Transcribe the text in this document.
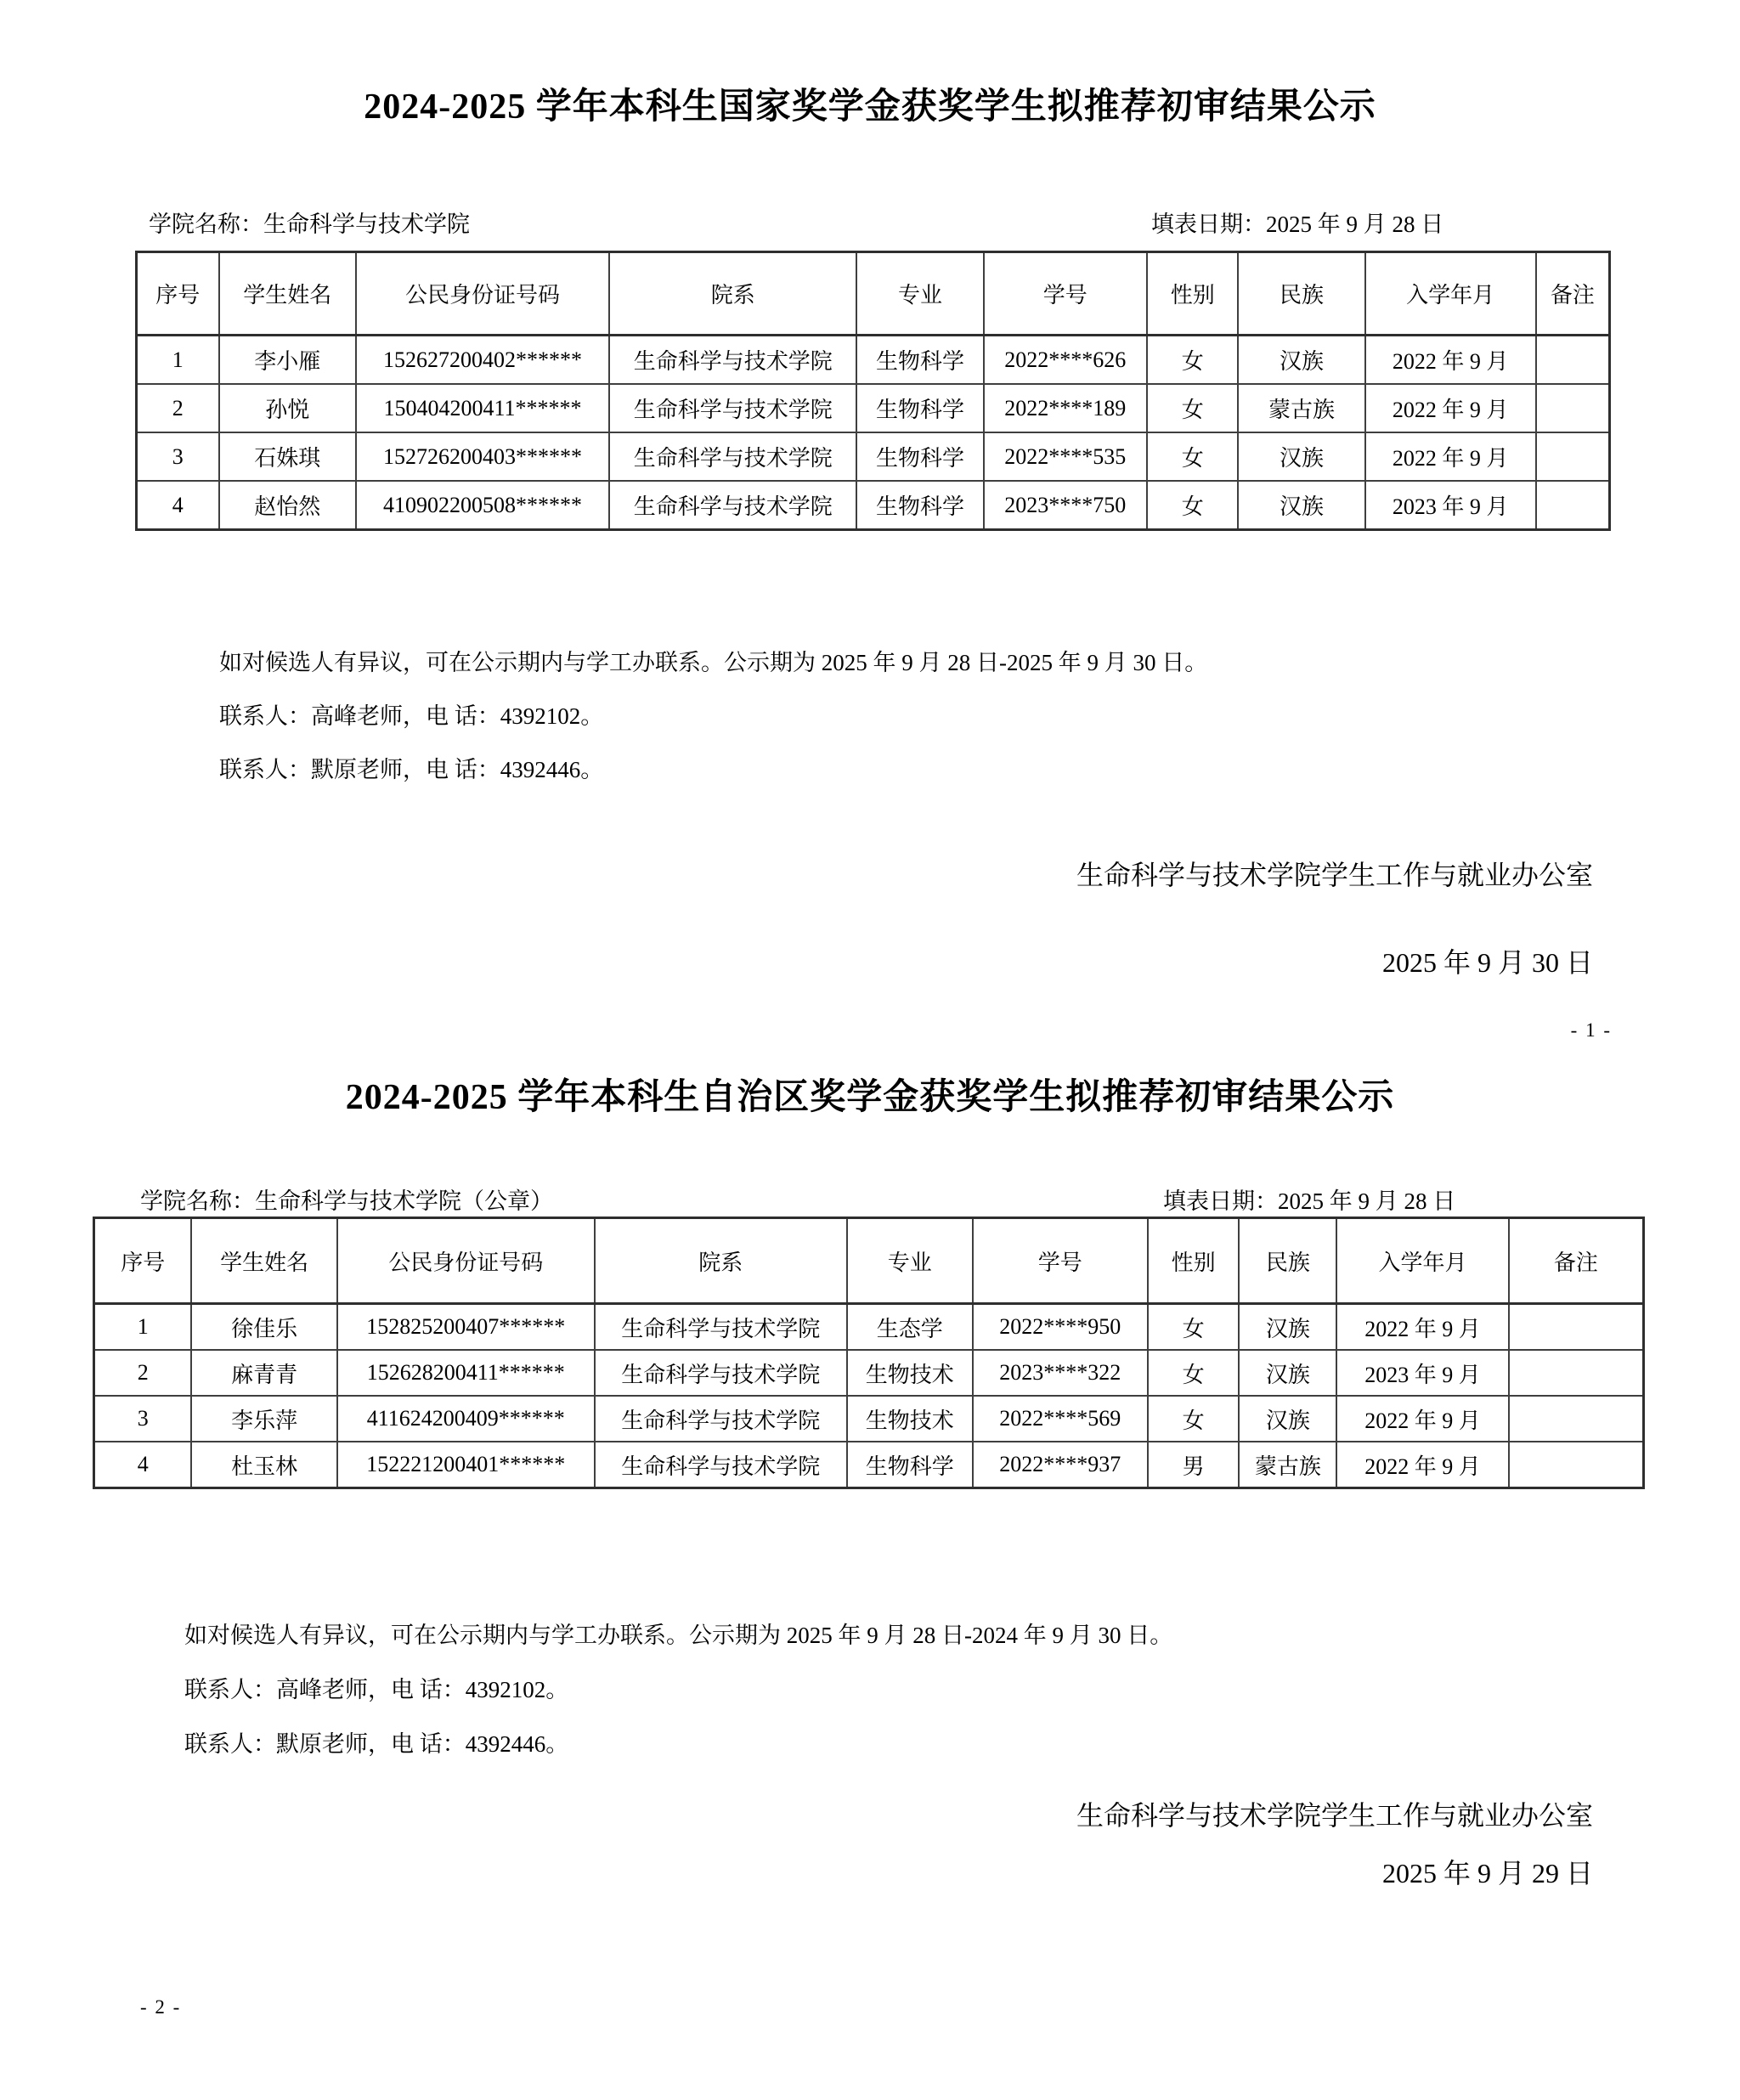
2024-2025 学年本科生国家奖学金获奖学生拟推荐初审结果公示
学院名称：生命科学与技术学院	填表日期：2025 年 9 月 28 日
序号	学生姓名	公民身份证号码	院系	专业	学号	性别	民族	入学年月	备注
1	李小雁	152627200402******	生命科学与技术学院	生物科学	2022****626	女	汉族	2022 年 9 月	
2	孙悦	150404200411******	生命科学与技术学院	生物科学	2022****189	女	蒙古族	2022 年 9 月	
3	石姝琪	152726200403******	生命科学与技术学院	生物科学	2022****535	女	汉族	2022 年 9 月	
4	赵怡然	410902200508******	生命科学与技术学院	生物科学	2023****750	女	汉族	2023 年 9 月	
如对候选人有异议，可在公示期内与学工办联系。公示期为 2025 年 9 月 28 日-2025 年 9 月 30 日。
联系人：高峰老师，电 话：4392102。
联系人：默原老师，电 话：4392446。
生命科学与技术学院学生工作与就业办公室
2025 年 9 月 30 日
- 1 -
2024-2025 学年本科生自治区奖学金获奖学生拟推荐初审结果公示
学院名称：生命科学与技术学院（公章）	填表日期：2025 年 9 月 28 日
序号	学生姓名	公民身份证号码	院系	专业	学号	性别	民族	入学年月	备注
1	徐佳乐	152825200407******	生命科学与技术学院	生态学	2022****950	女	汉族	2022 年 9 月	
2	麻青青	152628200411******	生命科学与技术学院	生物技术	2023****322	女	汉族	2023 年 9 月	
3	李乐萍	411624200409******	生命科学与技术学院	生物技术	2022****569	女	汉族	2022 年 9 月	
4	杜玉林	152221200401******	生命科学与技术学院	生物科学	2022****937	男	蒙古族	2022 年 9 月	
如对候选人有异议，可在公示期内与学工办联系。公示期为 2025 年 9 月 28 日-2024 年 9 月 30 日。
联系人：高峰老师，电 话：4392102。
联系人：默原老师，电 话：4392446。
生命科学与技术学院学生工作与就业办公室
2025 年 9 月 29 日
- 2 -
